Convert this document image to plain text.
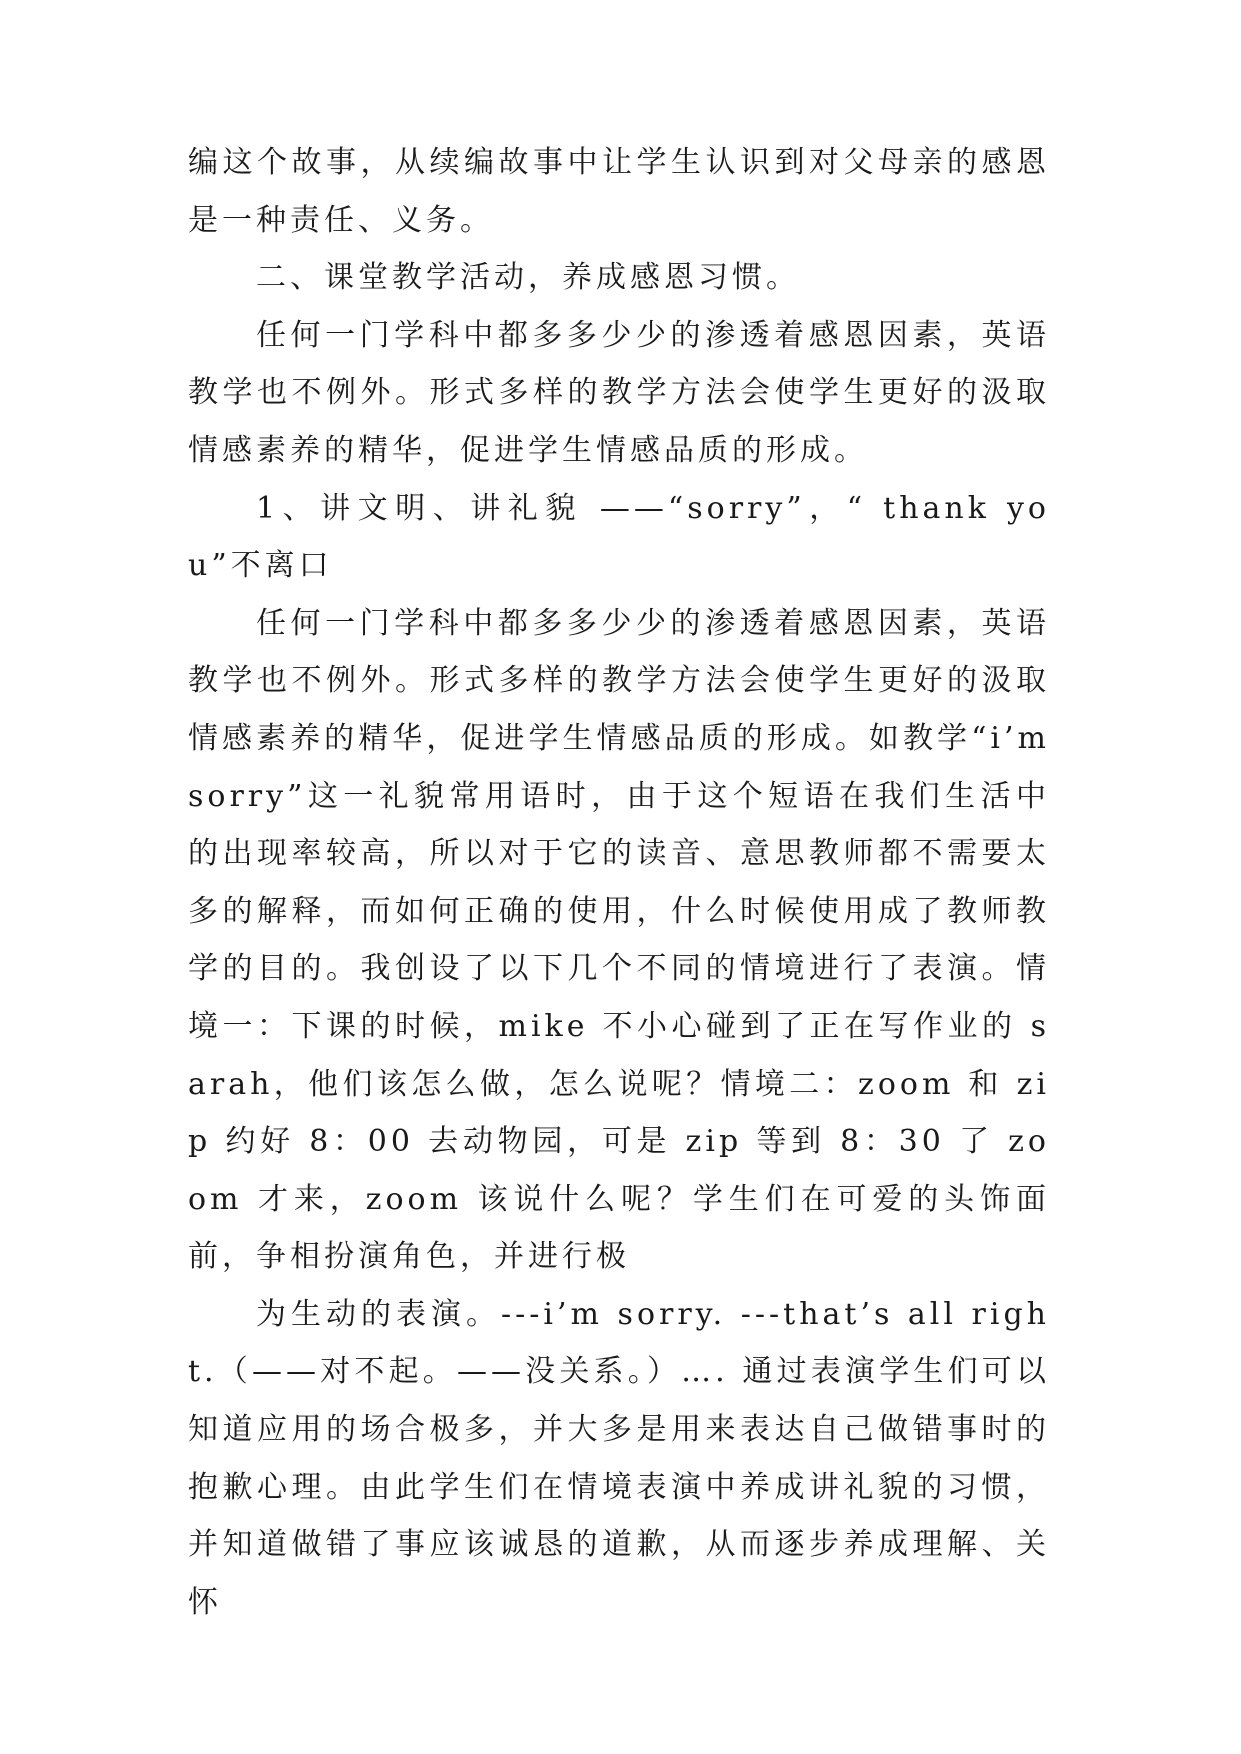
编这个故事，从续编故事中让学生认识到对父母亲的感恩是一种责任、义务。

二、课堂教学活动，养成感恩习惯。

任何一门学科中都多多少少的渗透着感恩因素，英语教学也不例外。形式多样的教学方法会使学生更好的汲取情感素养的精华，促进学生情感品质的形成。

1、讲文明、讲礼貌 ——“sorry”，“ thank you”不离口

任何一门学科中都多多少少的渗透着感恩因素，英语教学也不例外。形式多样的教学方法会使学生更好的汲取情感素养的精华，促进学生情感品质的形成。如教学“i’m sorry”这一礼貌常用语时，由于这个短语在我们生活中的出现率较高，所以对于它的读音、意思教师都不需要太多的解释，而如何正确的使用，什么时候使用成了教师教学的目的。我创设了以下几个不同的情境进行了表演。情境一：下课的时候，mike 不小心碰到了正在写作业的 sarah，他们该怎么做，怎么说呢？情境二：zoom 和 zip 约好 8：00 去动物园，可是 zip 等到 8：30 了 zoom 才来，zoom 该说什么呢？学生们在可爱的头饰面前，争相扮演角色，并进行极

为生动的表演。---i’m sorry. ---that’s all right.（——对不起。——没关系。）…. 通过表演学生们可以知道应用的场合极多，并大多是用来表达自己做错事时的抱歉心理。由此学生们在情境表演中养成讲礼貌的习惯，并知道做错了事应该诚恳的道歉，从而逐步养成理解、关怀
